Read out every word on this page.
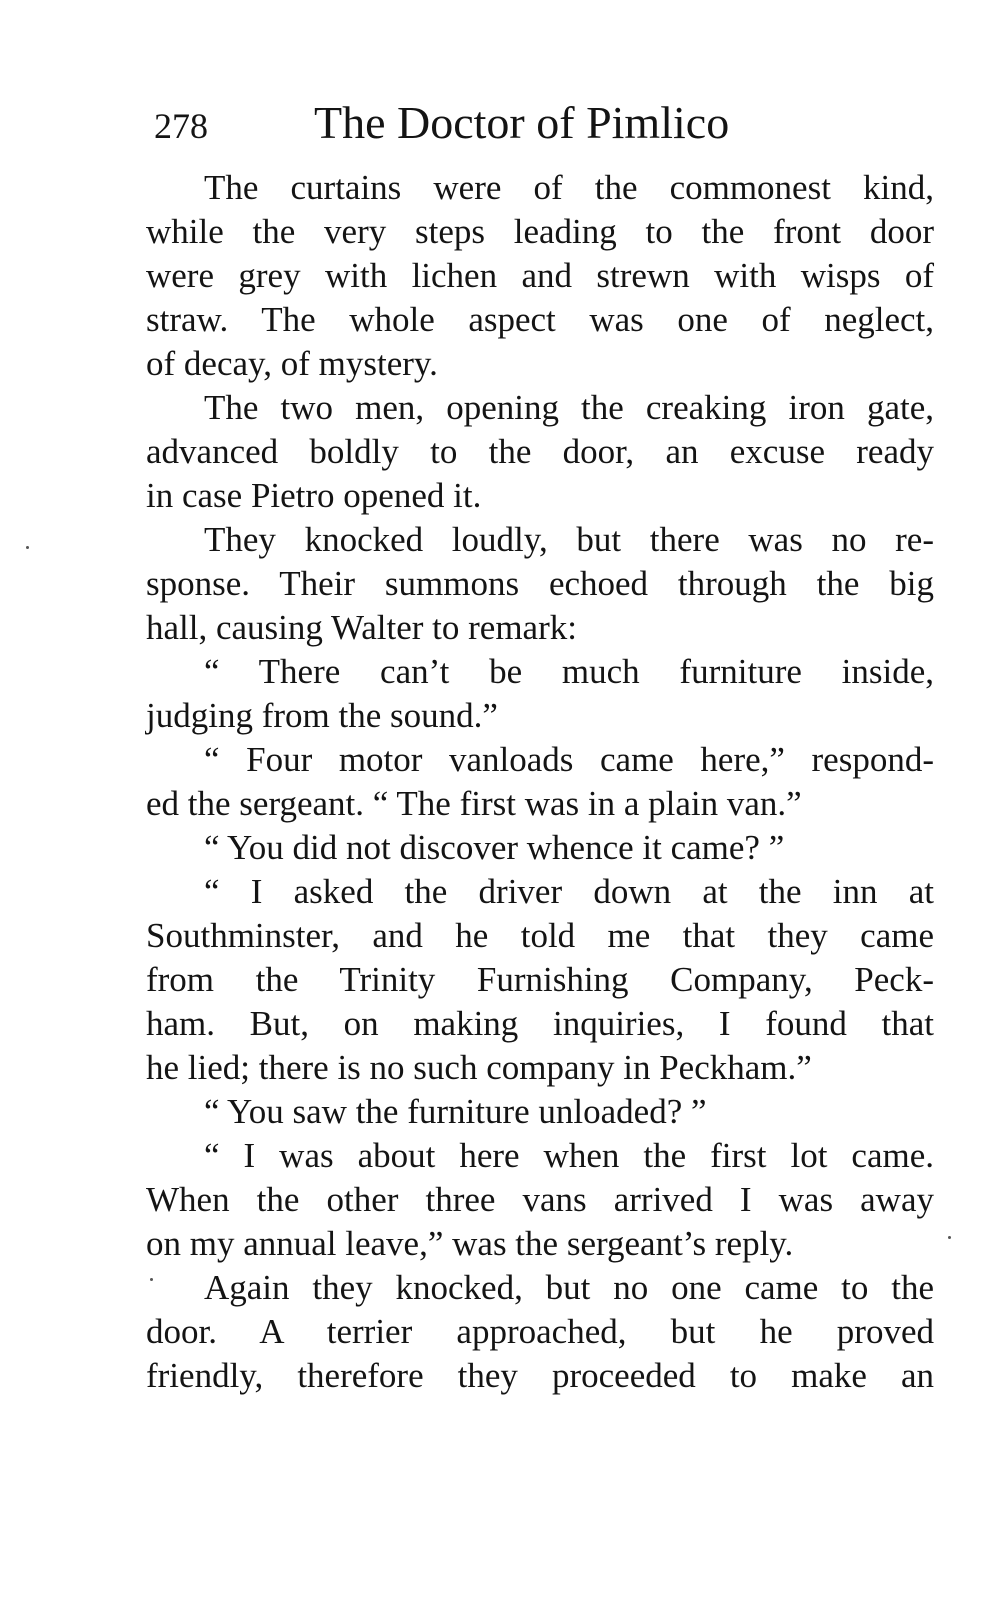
278 The Doctor of Pimlico
The curtains were of the commonest kind,
while the very steps leading to the front door
were grey with lichen and strewn with wisps of
straw. The whole aspect was one of neglect,
of decay, of mystery.
The two men, opening the creaking iron gate,
advanced boldly to the door, an excuse ready
in case Pietro opened it.
They knocked loudly, but there was no re-
sponse. Their summons echoed through the big
hall, causing Walter to remark:
“ There can’t be much furniture inside,
judging from the sound.”
“ Four motor vanloads came here,” respond-
ed the sergeant. “ The first was in a plain van.”
“ You did not discover whence it came? ”
“ I asked the driver down at the inn at
Southminster, and he told me that they came
from the Trinity Furnishing Company, Peck-
ham. But, on making inquiries, I found that
he lied; there is no such company in Peckham.”
“ You saw the furniture unloaded? ”
“ I was about here when the first lot came.
When the other three vans arrived I was away
on my annual leave,” was the sergeant’s reply.
Again they knocked, but no one came to the
door. A terrier approached, but he proved
friendly, therefore they proceeded to make an
